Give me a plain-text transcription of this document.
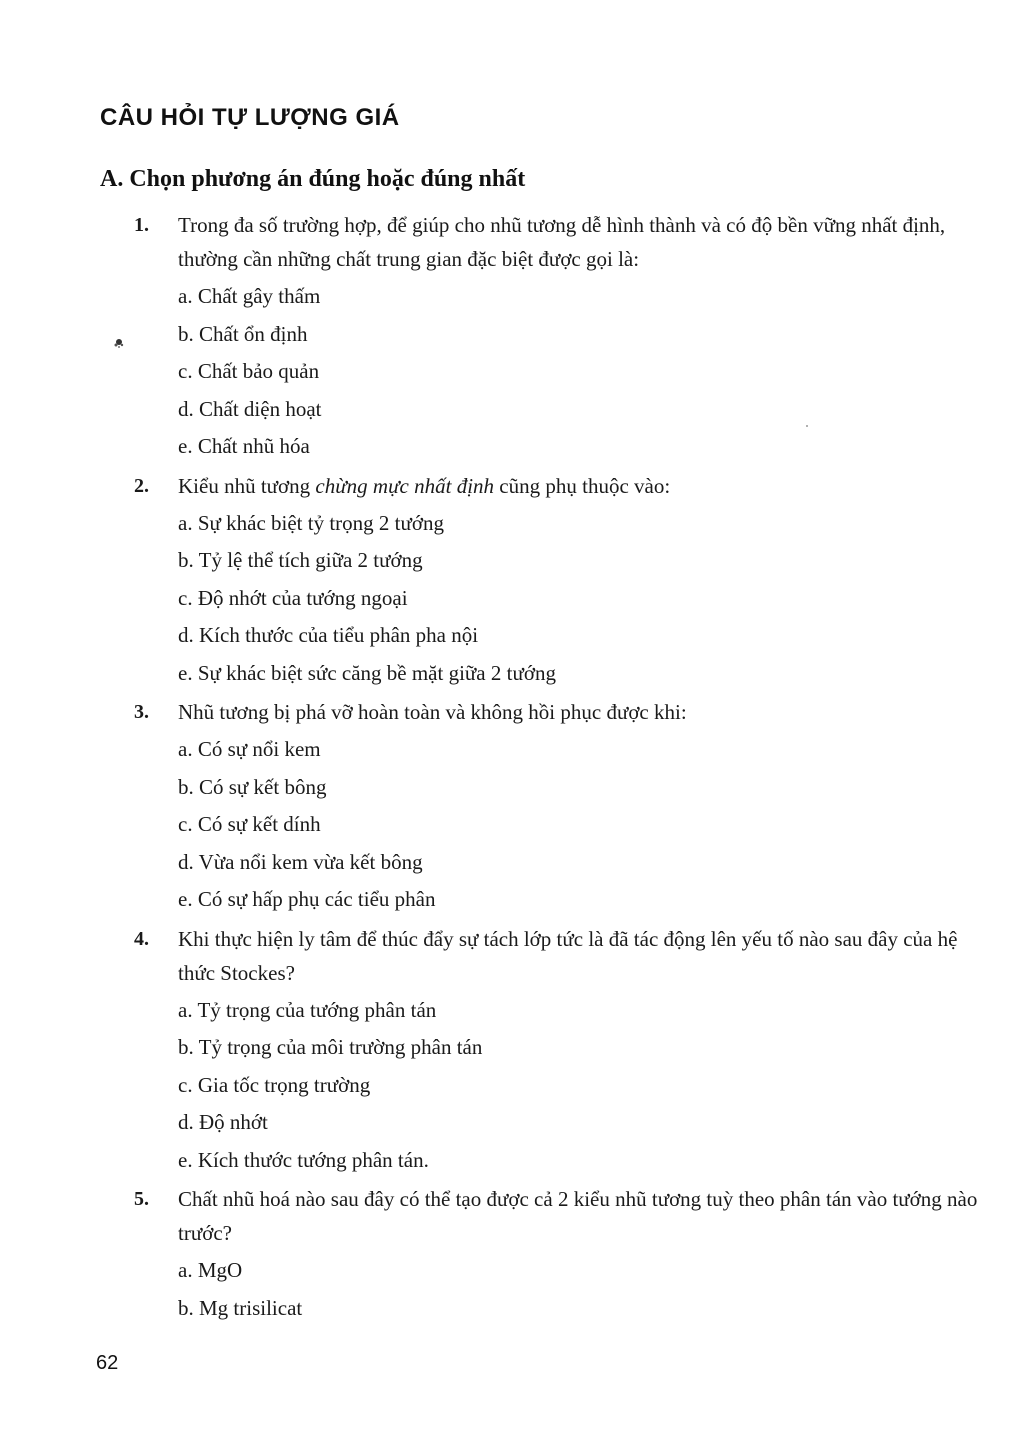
CÂU HỎI TỰ LƯỢNG GIÁ
A. Chọn phương án đúng hoặc đúng nhất
1. Trong đa số trường hợp, để giúp cho nhũ tương dễ hình thành và có độ bền vững nhất định, thường cần những chất trung gian đặc biệt được gọi là:
a. Chất gây thấm
b. Chất ổn định
c. Chất bảo quản
d. Chất diện hoạt
e. Chất nhũ hóa
2. Kiểu nhũ tương chừng mực nhất định cũng phụ thuộc vào:
a. Sự khác biệt tỷ trọng 2 tướng
b. Tỷ lệ thể tích giữa 2 tướng
c. Độ nhớt của tướng ngoại
d. Kích thước của tiểu phân pha nội
e. Sự khác biệt sức căng bề mặt giữa 2 tướng
3. Nhũ tương bị phá vỡ hoàn toàn và không hồi phục được khi:
a. Có sự nổi kem
b. Có sự kết bông
c. Có sự kết dính
d. Vừa nổi kem vừa kết bông
e. Có sự hấp phụ các tiểu phân
4. Khi thực hiện ly tâm để thúc đẩy sự tách lớp tức là đã tác động lên yếu tố nào sau đây của hệ thức Stockes?
a. Tỷ trọng của tướng phân tán
b. Tỷ trọng của môi trường phân tán
c. Gia tốc trọng trường
d. Độ nhớt
e. Kích thước tướng phân tán.
5. Chất nhũ hoá nào sau đây có thể tạo được cả 2 kiểu nhũ tương tuỳ theo phân tán vào tướng nào trước?
a. MgO
b. Mg trisilicat
62
